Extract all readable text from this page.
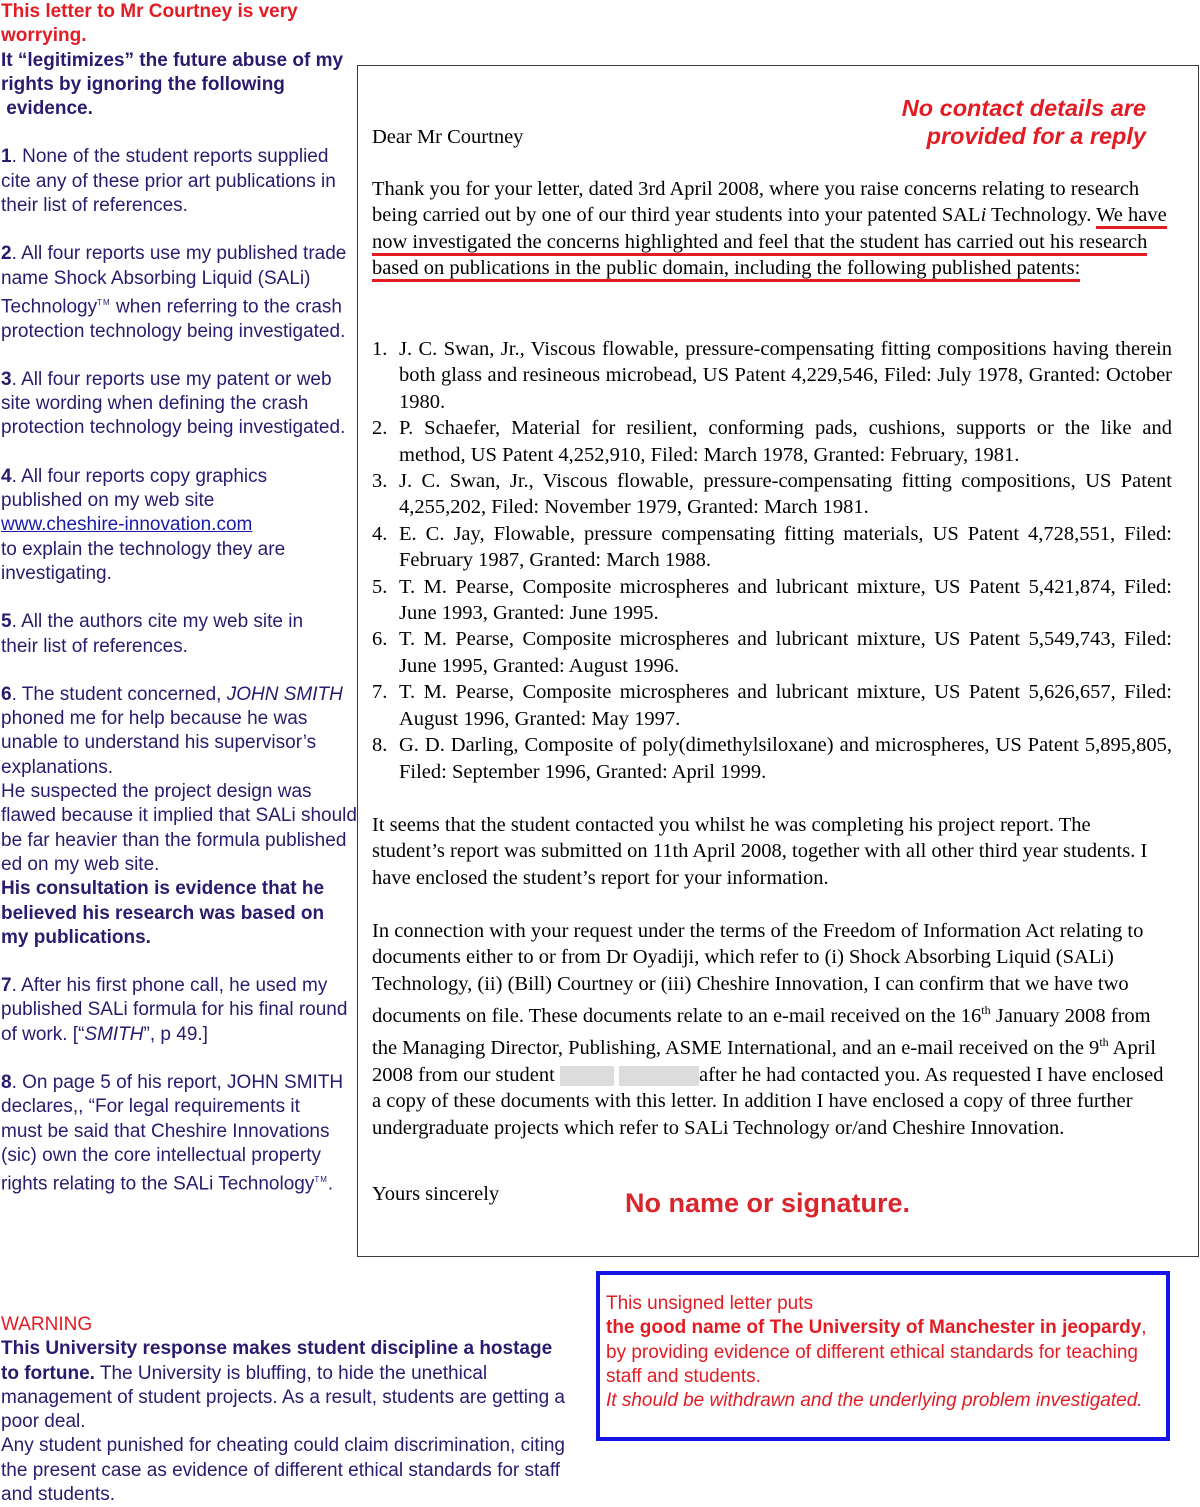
This letter to Mr Courtney is very worrying.

It “legitimizes” the future abuse of my rights by ignoring the following
evidence.

1. None of the student reports supplied cite any of these prior art publications in their list of references.

2. All four reports use my published trade name Shock Absorbing Liquid (SALi) Technology™ when referring to the crash protection technology being investigated.

3. All four reports use my patent or web site wording when defining the crash protection technology being investigated.

4. All four reports copy graphics published on my web site
www.cheshire-innovation.com
to explain the technology they are investigating.

5. All the authors cite my web site in their list of references.

6. The student concerned, JOHN SMITH phoned me for help because he was unable to understand his supervisor’s explanations.

He suspected the project design was flawed because it implied that SALi should be far heavier than the formula published ed on my web site.

His consultation is evidence that he believed his research was based on my publications.

7. After his first phone call, he used my published SALi formula for his final round of work. [“SMITH”, p 49.]

8. On page 5 of his report, JOHN SMITH declares,, “For legal requirements it must be said that Cheshire Innovations (sic) own the core intellectual property rights relating to the SALi Technology™.

No contact details are provided for a reply
Dear Mr Courtney
Thank you for your letter, dated 3rd April 2008, where you raise concerns relating to research being carried out by one of our third year students into your patented SALi Technology. We have now investigated the concerns highlighted and feel that the student has carried out his research based on publications in the public domain, including the following published patents:
1. J. C. Swan, Jr., Viscous flowable, pressure-compensating fitting compositions having therein both glass and resineous microbead, US Patent 4,229,546, Filed: July 1978, Granted: October 1980.
2. P. Schaefer, Material for resilient, conforming pads, cushions, supports or the like and method, US Patent 4,252,910, Filed: March 1978, Granted: February, 1981.
3. J. C. Swan, Jr., Viscous flowable, pressure-compensating fitting compositions, US Patent 4,255,202, Filed: November 1979, Granted: March 1981.
4. E. C. Jay, Flowable, pressure compensating fitting materials, US Patent 4,728,551, Filed: February 1987, Granted: March 1988.
5. T. M. Pearse, Composite microspheres and lubricant mixture, US Patent 5,421,874, Filed: June 1993, Granted: June 1995.
6. T. M. Pearse, Composite microspheres and lubricant mixture, US Patent 5,549,743, Filed: June 1995, Granted: August 1996.
7. T. M. Pearse, Composite microspheres and lubricant mixture, US Patent 5,626,657, Filed: August 1996, Granted: May 1997.
8. G. D. Darling, Composite of poly(dimethylsiloxane) and microspheres, US Patent 5,895,805, Filed: September 1996, Granted: April 1999.
It seems that the student contacted you whilst he was completing his project report. The student’s report was submitted on 11th April 2008, together with all other third year students. I have enclosed the student’s report for your information.
In connection with your request under the terms of the Freedom of Information Act relating to documents either to or from Dr Oyadiji, which refer to (i) Shock Absorbing Liquid (SALi) Technology, (ii) (Bill) Courtney or (iii) Cheshire Innovation, I can confirm that we have two documents on file. These documents relate to an e-mail received on the 16th January 2008 from the Managing Director, Publishing, ASME International, and an e-mail received on the 9th April 2008 from our student	after he had contacted you. As requested I have enclosed a copy of these documents with this letter. In addition I have enclosed a copy of three further undergraduate projects which refer to SALi Technology or/and Cheshire Innovation.
Yours sincerely	No name or signature.

WARNING

This University response makes student discipline a hostage to fortune. The University is bluffing, to hide the unethical management of student projects. As a result, students are getting a poor deal.

Any student punished for cheating could claim discrimination, citing the present case as evidence of different ethical standards for staff and students.

This unsigned letter puts

the good name of The University of Manchester in jeopardy, by providing evidence of different ethical standards for teaching staff and students.

It should be withdrawn and the underlying problem investigated.
